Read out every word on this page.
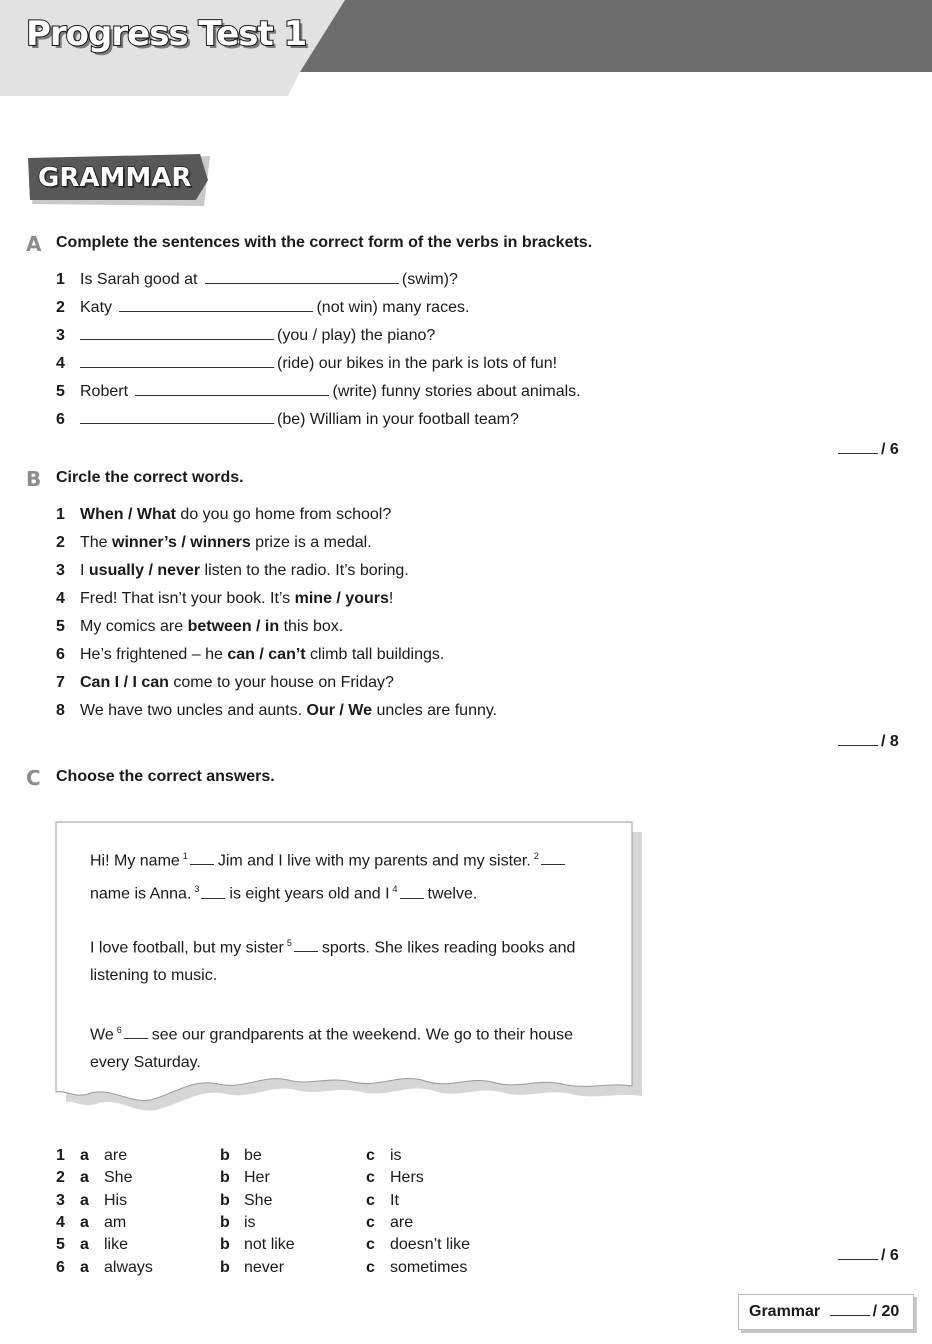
Progress Test 1
GRAMMAR
A Complete the sentences with the correct form of the verbs in brackets.
1 Is Sarah good at	(swim)?
2 Katy	(not win) many races.
3	(you / play) the piano?
4	(ride) our bikes in the park is lots of fun!
5 Robert	(write) funny stories about animals.
6	(be) William in your football team?
/ 6
B Circle the correct words.
1 When / What do you go home from school?
2 The winner’s / winners prize is a medal.
3 I usually / never listen to the radio. It’s boring.
4 Fred! That isn’t your book. It’s mine / yours!
5 My comics are between / in this box.
6 He’s frightened – he can / can’t climb tall buildings.
7 Can I / I can come to your house on Friday?
8 We have two uncles and aunts. Our / We uncles are funny.
/ 8
C Choose the correct answers.
Hi! My name $^1$ Jim and I live with my parents and my sister. $^2$
name is Anna. $^3$ is eight years old and I $^4$ twelve.
I love football, but my sister $^5$ sports. She likes reading books and
listening to music.
We $^6$ see our grandparents at the weekend. We go to their house
every Saturday.
1 a are	b be	c is
2 a She	b Her	c Hers
3 a His	b She	c It
4 a am	b is	c are
5 a like	b not like	c doesn’t like
6 a always	b never	c sometimes
/ 6
Grammar	/ 20
